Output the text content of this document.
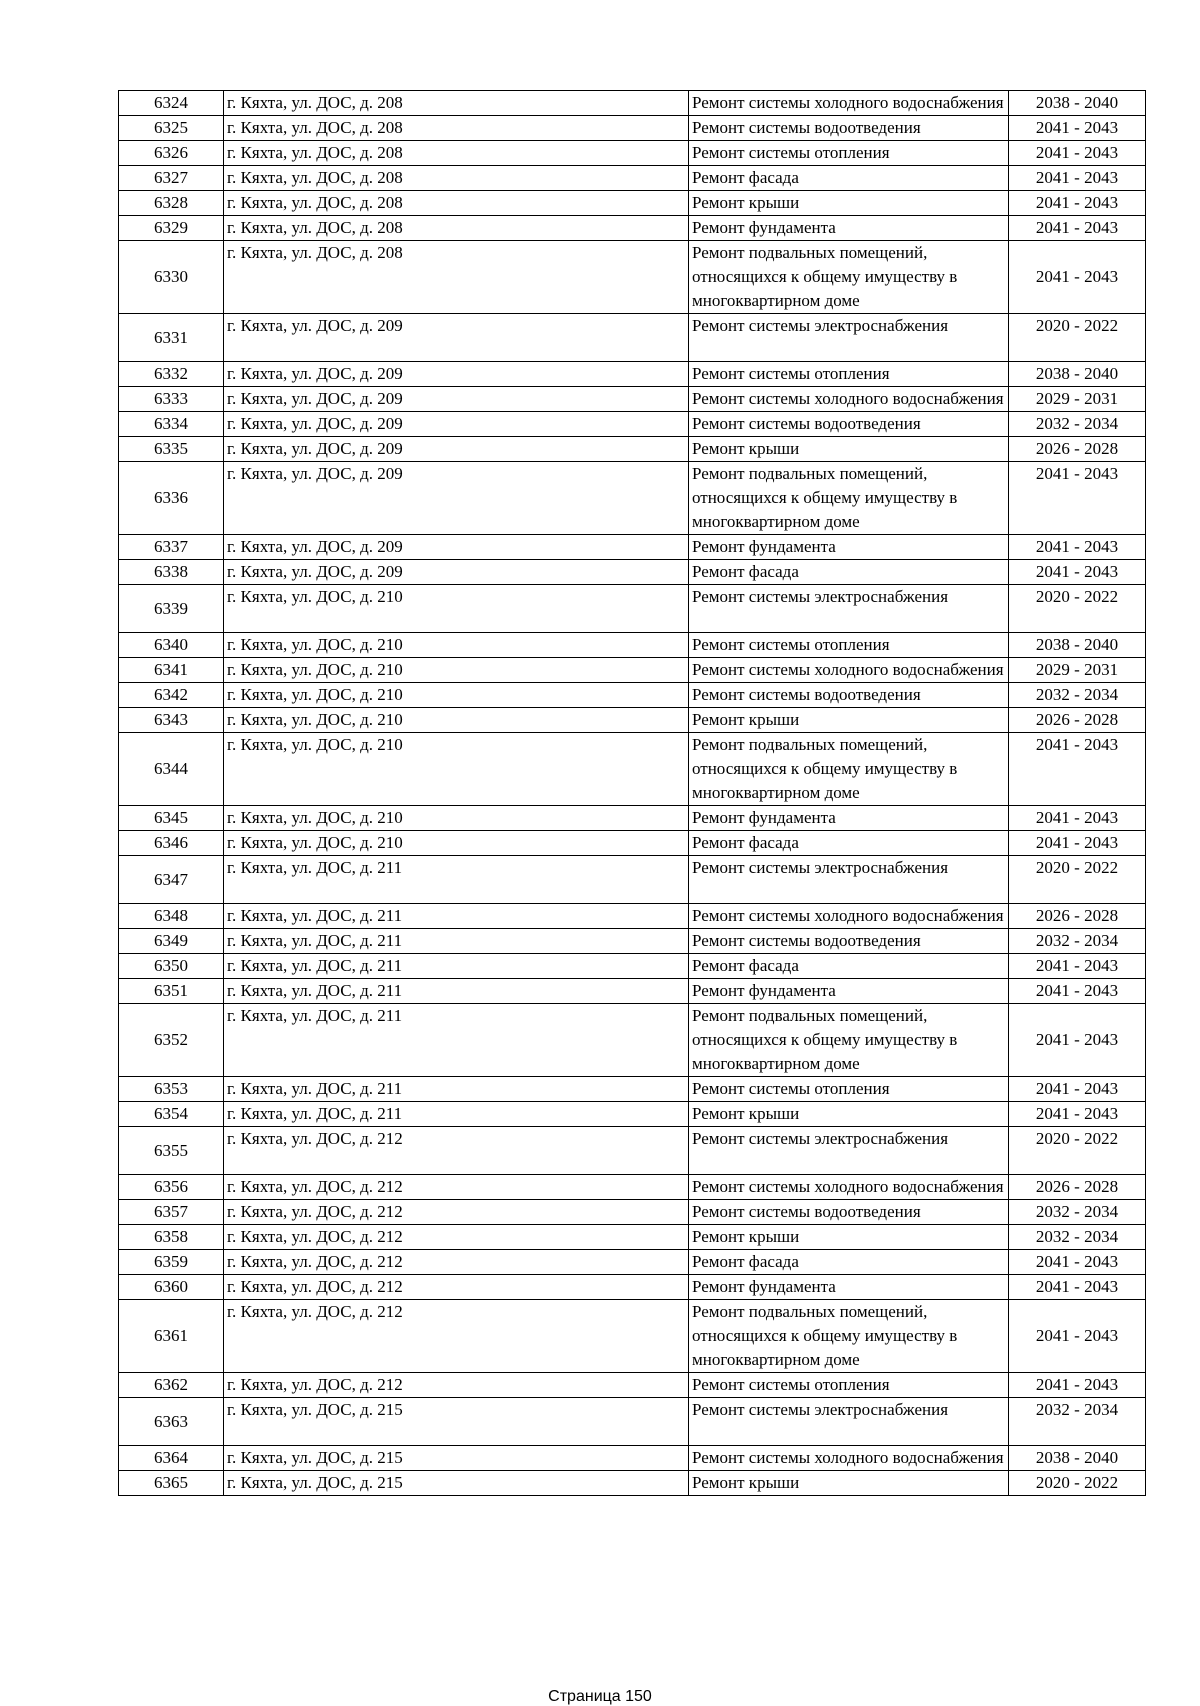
6324	г. Кяхта, ул. ДОС, д. 208	Ремонт системы холодного водоснабжения	2038 - 2040
6325	г. Кяхта, ул. ДОС, д. 208	Ремонт системы водоотведения	2041 - 2043
6326	г. Кяхта, ул. ДОС, д. 208	Ремонт системы отопления	2041 - 2043
6327	г. Кяхта, ул. ДОС, д. 208	Ремонт фасада	2041 - 2043
6328	г. Кяхта, ул. ДОС, д. 208	Ремонт крыши	2041 - 2043
6329	г. Кяхта, ул. ДОС, д. 208	Ремонт фундамента	2041 - 2043
6330	г. Кяхта, ул. ДОС, д. 208	Ремонт подвальных помещений, относящихся к общему имуществу в многоквартирном доме	2041 - 2043
6331	г. Кяхта, ул. ДОС, д. 209	Ремонт системы электроснабжения	2020 - 2022
6332	г. Кяхта, ул. ДОС, д. 209	Ремонт системы отопления	2038 - 2040
6333	г. Кяхта, ул. ДОС, д. 209	Ремонт системы холодного водоснабжения	2029 - 2031
6334	г. Кяхта, ул. ДОС, д. 209	Ремонт системы водоотведения	2032 - 2034
6335	г. Кяхта, ул. ДОС, д. 209	Ремонт крыши	2026 - 2028
6336	г. Кяхта, ул. ДОС, д. 209	Ремонт подвальных помещений, относящихся к общему имуществу в многоквартирном доме	2041 - 2043
6337	г. Кяхта, ул. ДОС, д. 209	Ремонт фундамента	2041 - 2043
6338	г. Кяхта, ул. ДОС, д. 209	Ремонт фасада	2041 - 2043
6339	г. Кяхта, ул. ДОС, д. 210	Ремонт системы электроснабжения	2020 - 2022
6340	г. Кяхта, ул. ДОС, д. 210	Ремонт системы отопления	2038 - 2040
6341	г. Кяхта, ул. ДОС, д. 210	Ремонт системы холодного водоснабжения	2029 - 2031
6342	г. Кяхта, ул. ДОС, д. 210	Ремонт системы водоотведения	2032 - 2034
6343	г. Кяхта, ул. ДОС, д. 210	Ремонт крыши	2026 - 2028
6344	г. Кяхта, ул. ДОС, д. 210	Ремонт подвальных помещений, относящихся к общему имуществу в многоквартирном доме	2041 - 2043
6345	г. Кяхта, ул. ДОС, д. 210	Ремонт фундамента	2041 - 2043
6346	г. Кяхта, ул. ДОС, д. 210	Ремонт фасада	2041 - 2043
6347	г. Кяхта, ул. ДОС, д. 211	Ремонт системы электроснабжения	2020 - 2022
6348	г. Кяхта, ул. ДОС, д. 211	Ремонт системы холодного водоснабжения	2026 - 2028
6349	г. Кяхта, ул. ДОС, д. 211	Ремонт системы водоотведения	2032 - 2034
6350	г. Кяхта, ул. ДОС, д. 211	Ремонт фасада	2041 - 2043
6351	г. Кяхта, ул. ДОС, д. 211	Ремонт фундамента	2041 - 2043
6352	г. Кяхта, ул. ДОС, д. 211	Ремонт подвальных помещений, относящихся к общему имуществу в многоквартирном доме	2041 - 2043
6353	г. Кяхта, ул. ДОС, д. 211	Ремонт системы отопления	2041 - 2043
6354	г. Кяхта, ул. ДОС, д. 211	Ремонт крыши	2041 - 2043
6355	г. Кяхта, ул. ДОС, д. 212	Ремонт системы электроснабжения	2020 - 2022
6356	г. Кяхта, ул. ДОС, д. 212	Ремонт системы холодного водоснабжения	2026 - 2028
6357	г. Кяхта, ул. ДОС, д. 212	Ремонт системы водоотведения	2032 - 2034
6358	г. Кяхта, ул. ДОС, д. 212	Ремонт крыши	2032 - 2034
6359	г. Кяхта, ул. ДОС, д. 212	Ремонт фасада	2041 - 2043
6360	г. Кяхта, ул. ДОС, д. 212	Ремонт фундамента	2041 - 2043
6361	г. Кяхта, ул. ДОС, д. 212	Ремонт подвальных помещений, относящихся к общему имуществу в многоквартирном доме	2041 - 2043
6362	г. Кяхта, ул. ДОС, д. 212	Ремонт системы отопления	2041 - 2043
6363	г. Кяхта, ул. ДОС, д. 215	Ремонт системы электроснабжения	2032 - 2034
6364	г. Кяхта, ул. ДОС, д. 215	Ремонт системы холодного водоснабжения	2038 - 2040
6365	г. Кяхта, ул. ДОС, д. 215	Ремонт крыши	2020 - 2022
Страница 150
